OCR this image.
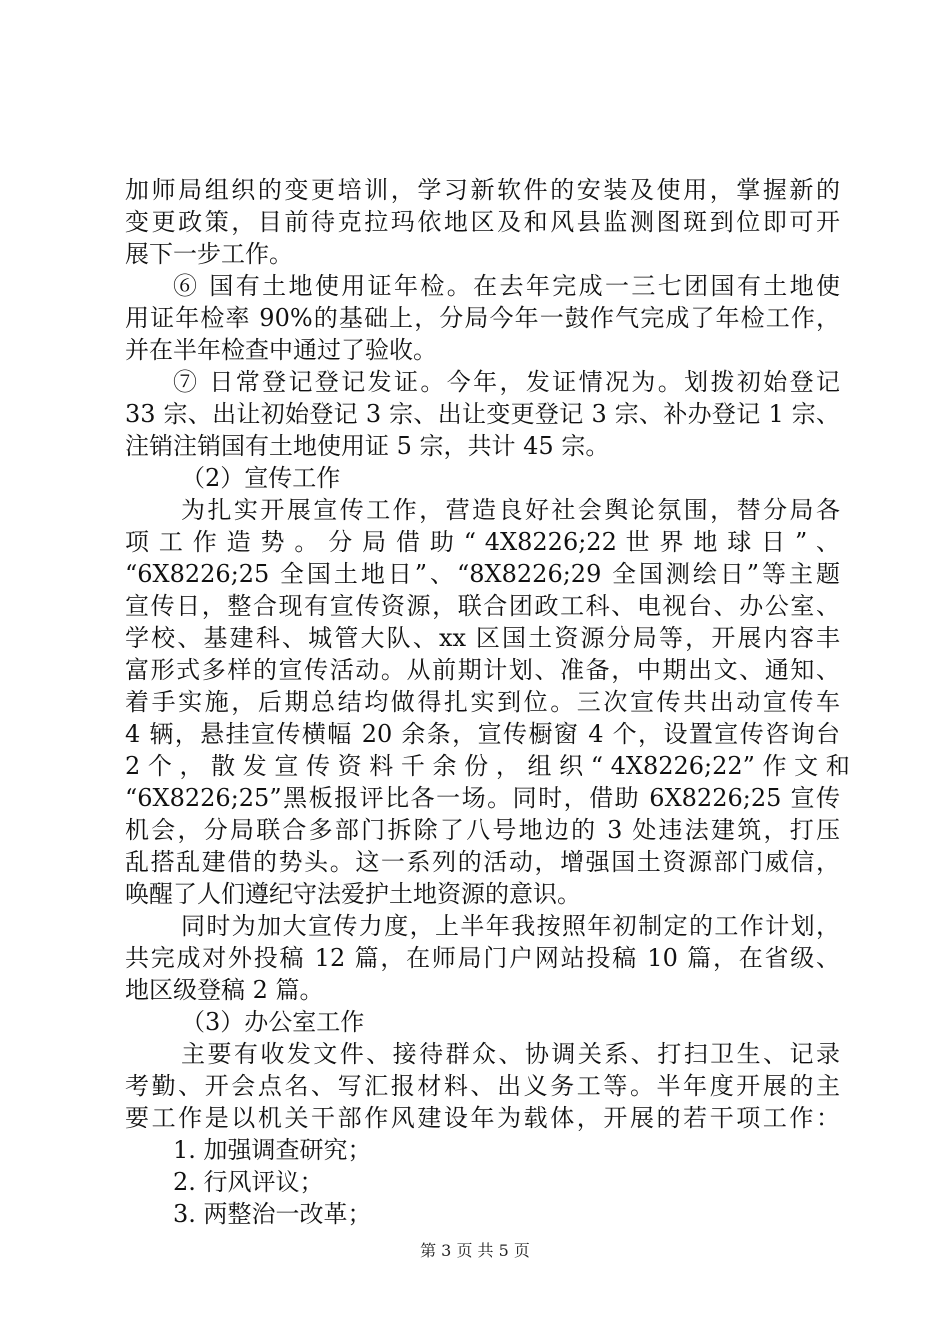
加师局组织的变更培训，学习新软件的安装及使用，掌握新的
变更政策，目前待克拉玛依地区及和风县监测图斑到位即可开
展下一步工作。
⑥ 国有土地使用证年检。在去年完成一三七团国有土地使
用证年检率 90%的基础上，分局今年一鼓作气完成了年检工作，
并在半年检查中通过了验收。
⑦ 日常登记登记发证。今年，发证情况为。划拨初始登记
33 宗、出让初始登记 3 宗、出让变更登记 3 宗、补办登记 1 宗、
注销注销国有土地使用证 5 宗，共计 45 宗。
（2）宣传工作
为扎实开展宣传工作，营造良好社会舆论氛围，替分局各
项 工 作 造 势 。 分 局 借 助 “ 4X8226;22 世 界 地 球 日 ” 、
“6X8226;25 全国土地日”、“8X8226;29 全国测绘日”等主题
宣传日，整合现有宣传资源，联合团政工科、电视台、办公室、
学校、基建科、城管大队、xx 区国土资源分局等，开展内容丰
富形式多样的宣传活动。从前期计划、准备，中期出文、通知、
着手实施，后期总结均做得扎实到位。三次宣传共出动宣传车
4 辆，悬挂宣传横幅 20 余条，宣传橱窗 4 个，设置宣传咨询台
2 个 ， 散 发 宣 传 资 料 千 余 份 ， 组 织 “ 4X8226;22” 作 文 和
“6X8226;25”黑板报评比各一场。同时，借助 6X8226;25 宣传
机会，分局联合多部门拆除了八号地边的 3 处违法建筑，打压
乱搭乱建借的势头。这一系列的活动，增强国土资源部门威信，
唤醒了人们遵纪守法爱护土地资源的意识。
同时为加大宣传力度，上半年我按照年初制定的工作计划，
共完成对外投稿 12 篇，在师局门户网站投稿 10 篇，在省级、
地区级登稿 2 篇。
（3）办公室工作
主要有收发文件、接待群众、协调关系、打扫卫生、记录
考勤、开会点名、写汇报材料、出义务工等。半年度开展的主
要工作是以机关干部作风建设年为载体，开展的若干项工作：
1. 加强调查研究；
2. 行风评议；
3. 两整治一改革；
第 3 页 共 5 页
